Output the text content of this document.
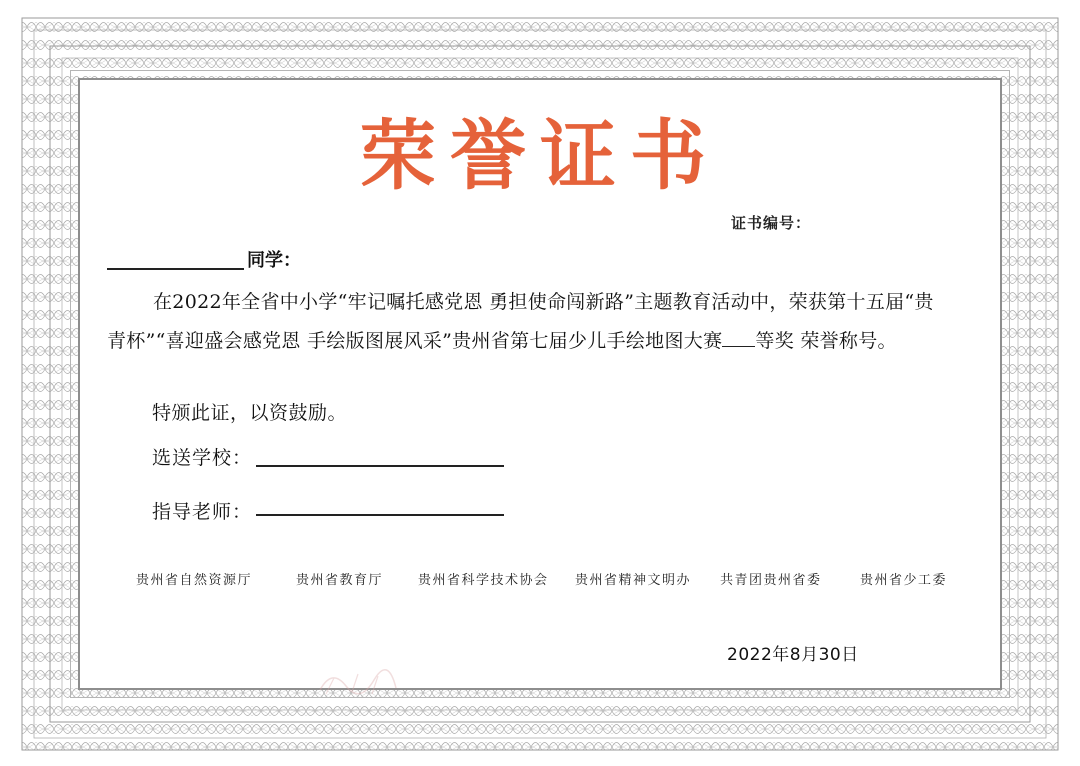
荣誉证书
证书编号：
同学：
在2022年全省中小学“牢记嘱托感党恩 勇担使命闯新路”主题教育活动中，荣获第十五届“贵青杯”“喜迎盛会感党恩 手绘版图展风采”贵州省第七届少儿手绘地图大赛 等奖 荣誉称号。
特颁此证，以资鼓励。
选送学校：
指导老师：
贵州省自然资源厅	贵州省教育厅	贵州省科学技术协会 贵州省精神文明办 共青团贵州省委	贵州省少工委
2022年8月30日
